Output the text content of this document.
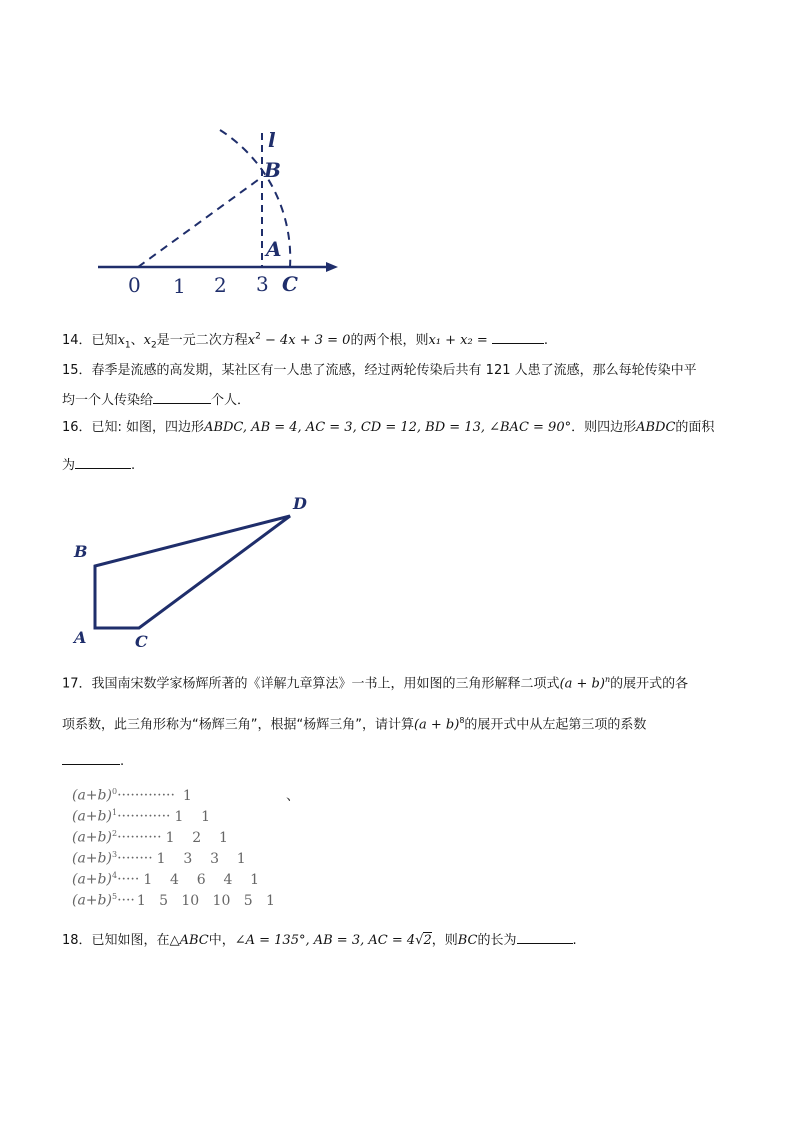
0 1 2 3
l
B
A
C
14．已知$x_1$、$x_2$是一元二次方程$x^2 - 4x + 3 = 0$的两个根，则x₁ + x₂ =	.
15．春季是流感的高发期，某社区有一人患了流感，经过两轮传染后共有 121 人患了流感，那么每轮传染中平
均一个人传染给	个人．
16．已知: 如图，四边形ABDC, AB = 4, AC = 3, CD = 12, BD = 13, ∠BAC = 90°．则四边形ABDC的面积
为	.
D
B
A	C
17．我国南宋数学家杨辉所著的《详解九章算法》一书上，用如图的三角形解释二项式$(a + b)^n$的展开式的各
项系数，此三角形称为“杨辉三角”，根据“杨辉三角”，请计算$(a + b)^8$的展开式中从左起第三项的系数
.
$(a+b)^0\cdot\cdot\cdot\cdot\cdot\cdot\cdot\cdot\cdot\cdot\cdot\cdot\cdot 1$
$(a+b)^1\cdot\cdot\cdot\cdot\cdot\cdot\cdot\cdot\cdot\cdot\cdot\cdot 1$    1
$(a+b)^2\cdot\cdot\cdot\cdot\cdot\cdot\cdot\cdot\cdot\cdot 1$    2    1
$(a+b)^3\cdot\cdot\cdot\cdot\cdot\cdot\cdot\cdot 1$    3    3    1
$(a+b)^4\cdot\cdot\cdot\cdot\cdot 1$    4    6    4    1
$(a+b)^5\cdot\cdot\cdot\cdot 1$   5   10   10   5   1
、
18．已知如图，在△ABC中，∠A = 135°, AB = 3, AC = 4√2，则BC的长为	.
